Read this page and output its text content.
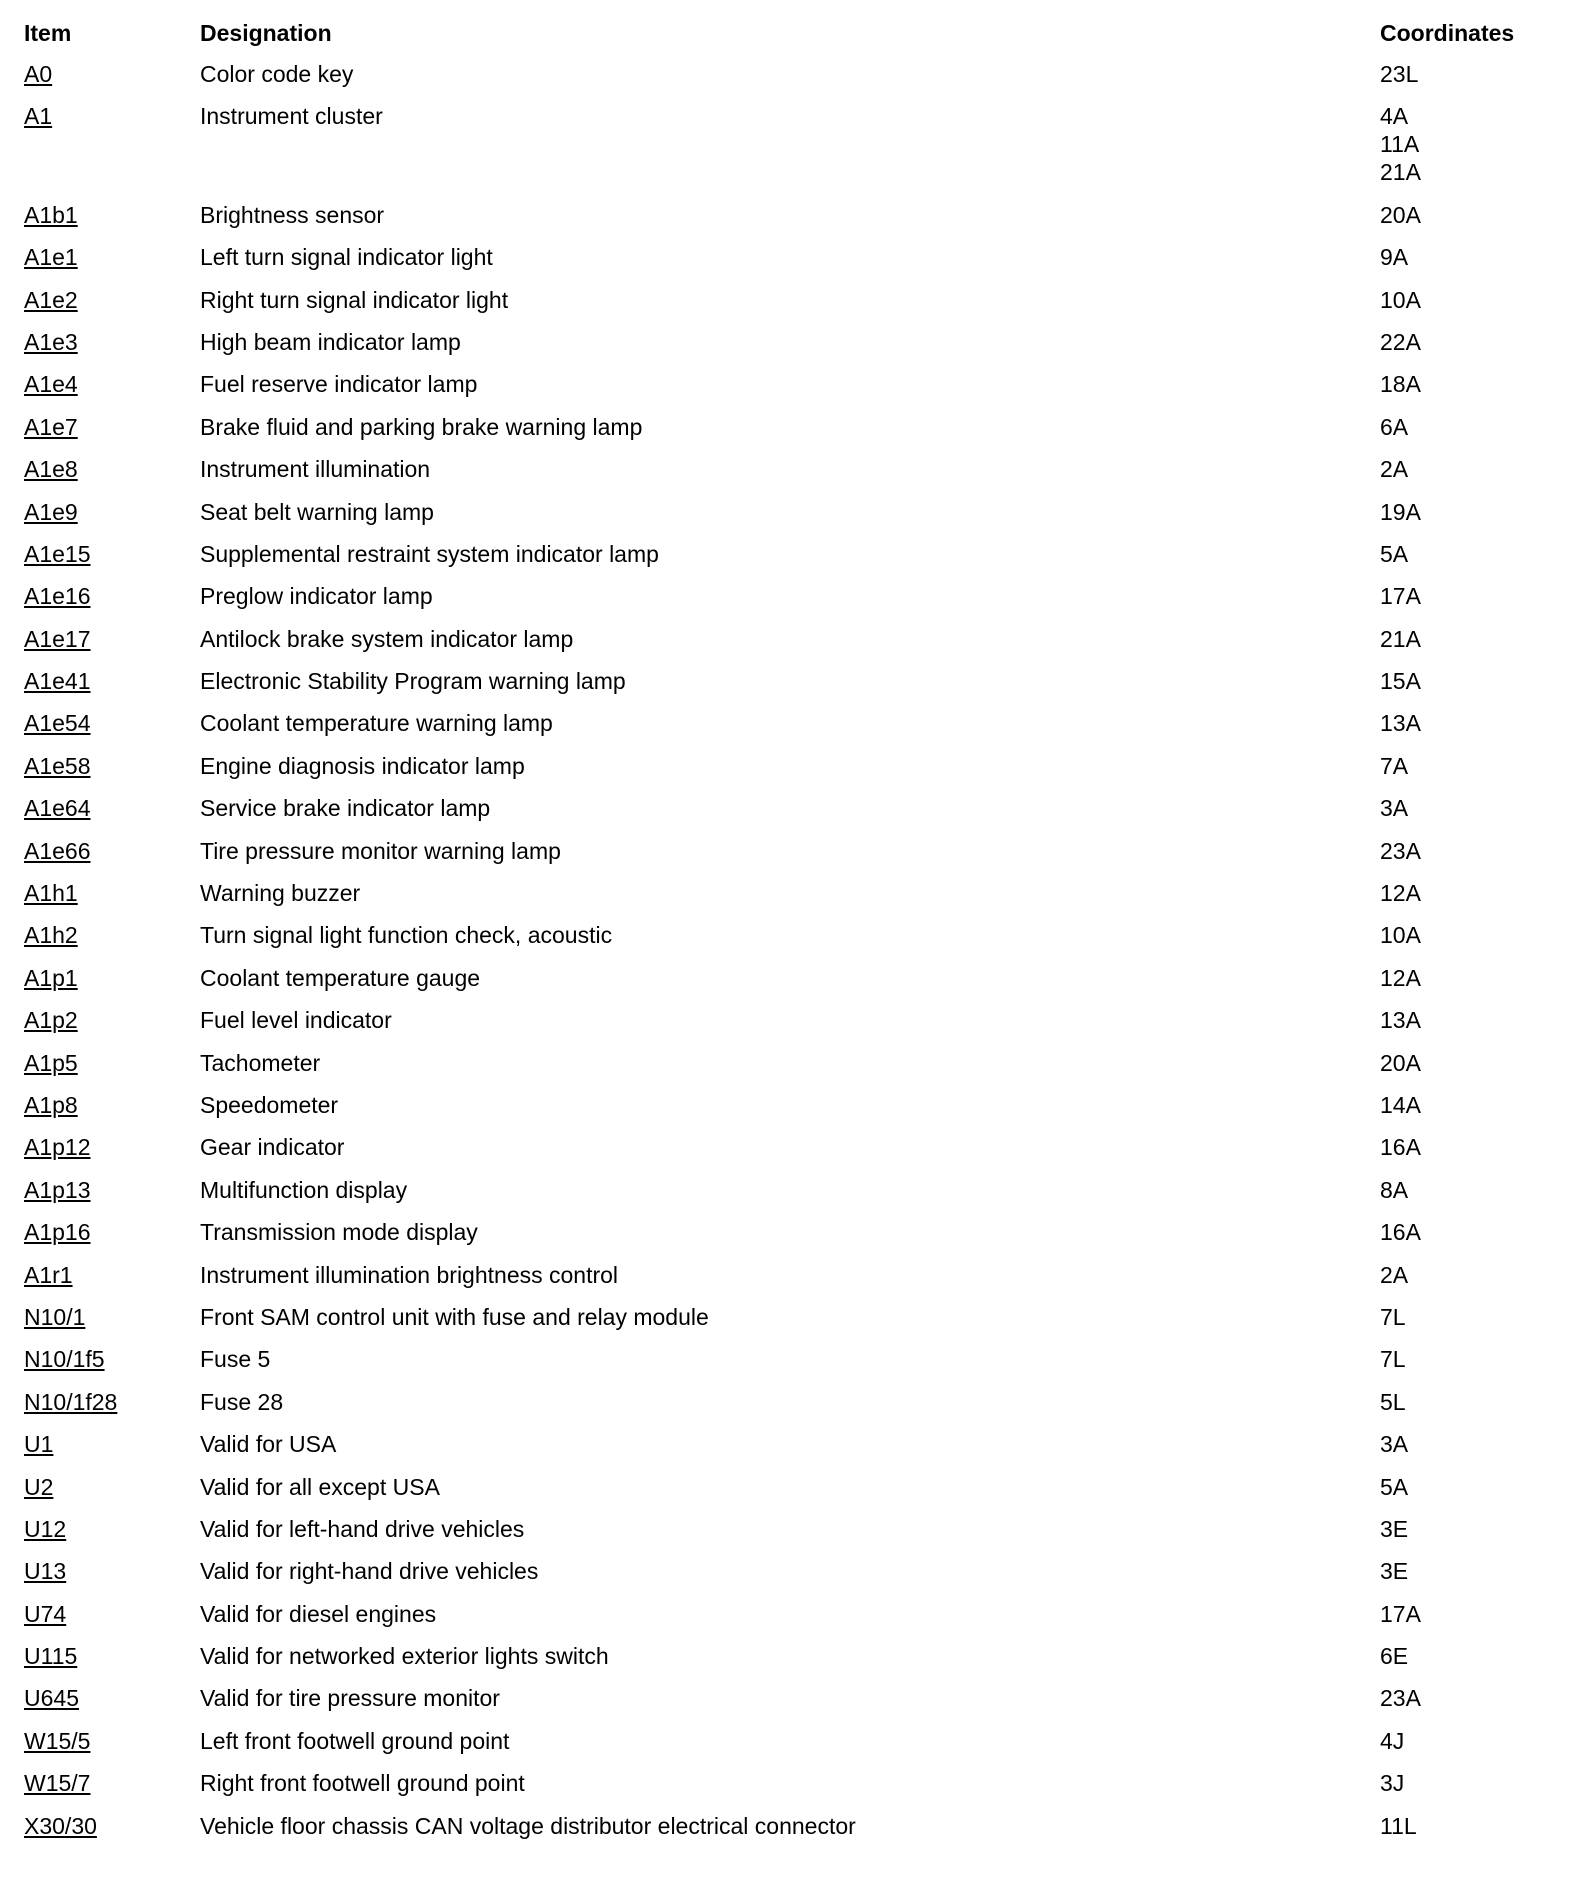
Item	Designation	Coordinates
A0	Color code key	23L

A1	Instrument cluster	4A
11A
21A

A1b1	Brightness sensor	20A

A1e1	Left turn signal indicator light	9A

A1e2	Right turn signal indicator light	10A

A1e3	High beam indicator lamp	22A

A1e4	Fuel reserve indicator lamp	18A

A1e7	Brake fluid and parking brake warning lamp	6A

A1e8	Instrument illumination	2A

A1e9	Seat belt warning lamp	19A

A1e15	Supplemental restraint system indicator lamp	5A

A1e16	Preglow indicator lamp	17A

A1e17	Antilock brake system indicator lamp	21A

A1e41	Electronic Stability Program warning lamp	15A

A1e54	Coolant temperature warning lamp	13A

A1e58	Engine diagnosis indicator lamp	7A

A1e64	Service brake indicator lamp	3A

A1e66	Tire pressure monitor warning lamp	23A

A1h1	Warning buzzer	12A

A1h2	Turn signal light function check, acoustic	10A

A1p1	Coolant temperature gauge	12A

A1p2	Fuel level indicator	13A

A1p5	Tachometer	20A

A1p8	Speedometer	14A

A1p12	Gear indicator	16A

A1p13	Multifunction display	8A

A1p16	Transmission mode display	16A

A1r1	Instrument illumination brightness control	2A

N10/1	Front SAM control unit with fuse and relay module	7L

N10/1f5	Fuse 5	7L

N10/1f28	Fuse 28	5L

U1	Valid for USA	3A

U2	Valid for all except USA	5A

U12	Valid for left-hand drive vehicles	3E

U13	Valid for right-hand drive vehicles	3E

U74	Valid for diesel engines	17A

U115	Valid for networked exterior lights switch	6E

U645	Valid for tire pressure monitor	23A

W15/5	Left front footwell ground point	4J

W15/7	Right front footwell ground point	3J

X30/30	Vehicle floor chassis CAN voltage distributor electrical connector	11L
